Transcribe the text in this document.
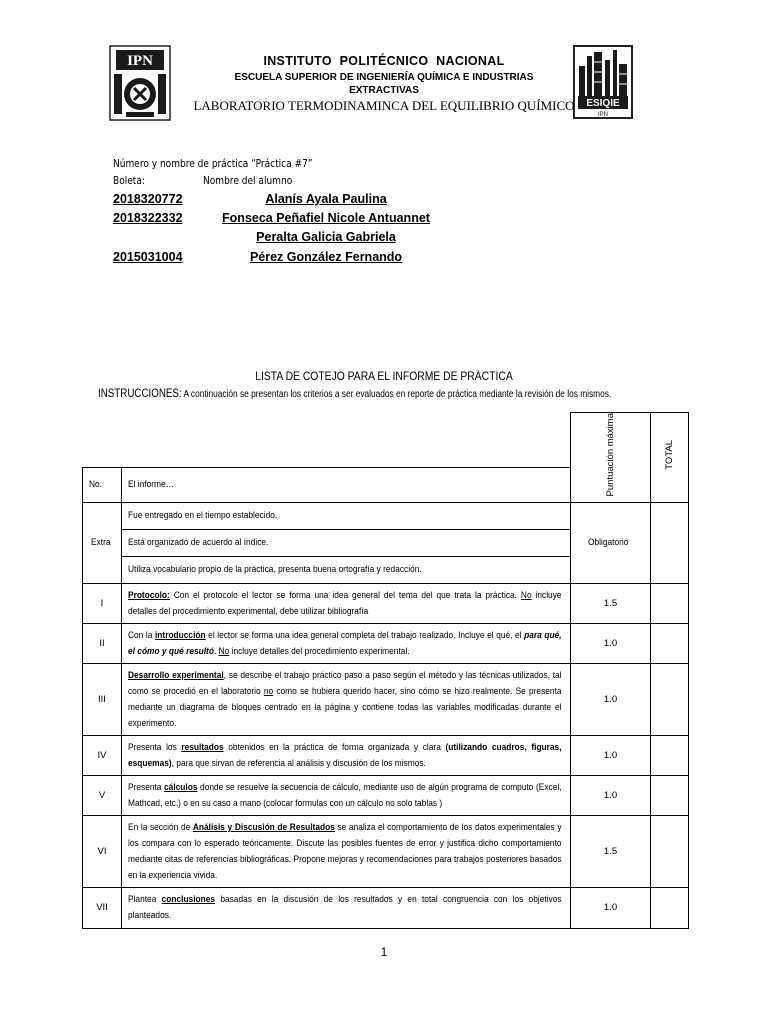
IPN
ESIQIE
IPN
INSTITUTO POLITÉCNICO NACIONAL
ESCUELA SUPERIOR DE INGENIERÍA QUÍMICA E INDUSTRIAS
EXTRACTIVAS
LABORATORIO TERMODINAMINCA DEL EQUILIBRIO QUÍMICO
Número y nombre de práctica “Práctica #7”
Boleta:	Nombre del alumno
2018320772	Alanís Ayala Paulina
2018322332	Fonseca Peñafiel Nicole Antuannet
Peralta Galicia Gabriela
2015031004	Pérez González Fernando
LISTA DE COTEJO PARA EL INFORME DE PRÁCTICA
INSTRUCCIONES: A continuación se presentan los criterios a ser evaluados en reporte de práctica mediante la revisión de los mismos.
		Puntuación máxima	TOTAL
No.	El informe…		
Extra	Fue entregado en el tiempo establecido.	Obligatorio	
	Está organizado de acuerdo al índice.		
	Utiliza vocabulario propio de la práctica, presenta buena ortografía y redacción.		
I	Protocolo: Con el protocolo el lector se forma una idea general del tema del que trata la práctica. No incluye detalles del procedimiento experimental, debe utilizar bibliografía	1.5	
II	Con la introducción el lector se forma una idea general completa del trabajo realizado. Incluye el qué, el para qué, el cómo y qué resultó. No incluye detalles del procedimiento experimental.	1.0	
III	Desarrollo experimental, se describe el trabajo práctico paso a paso según el método y las técnicas utilizados, tal como se procedió en el laboratorio no como se hubiera querido hacer, sino cómo se hizo realmente. Se presenta mediante un diagrama de bloques centrado en la página y contiene todas las variables modificadas durante el experimento.	1.0	
IV	Presenta los resultados obtenidos en la práctica de forma organizada y clara (utilizando cuadros, figuras, esquemas), para que sirvan de referencia al análisis y discusión de los mismos.	1.0	
V	Presenta cálculos donde se resuelve la secuencia de cálculo, mediante uso de algún programa de computo (Excel, Mathcad, etc.) o en su caso a mano (colocar formulas con un cálculo no solo tablas )	1.0	
VI	En la sección de Análisis y Discusión de Resultados se analiza el comportamiento de los datos experimentales y los compara con lo esperado teóricamente. Discute las posibles fuentes de error y justifica dicho comportamiento mediante citas de referencias bibliográficas. Propone mejoras y recomendaciones para trabajos posteriores basados en la experiencia vivida.	1.5	
VII	Plantea conclusiones basadas en la discusión de los resultados y en total congruencia con los objetivos planteados.	1.0	
1
